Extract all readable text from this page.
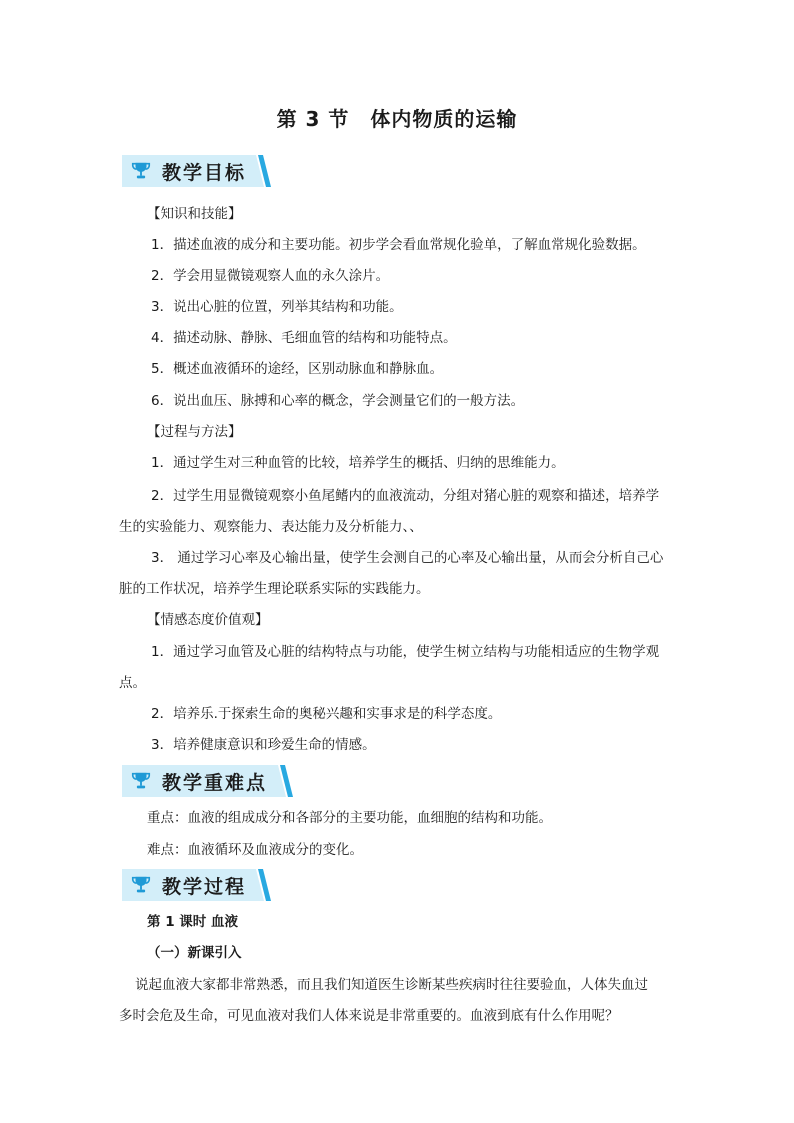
第 3 节　体内物质的运输
教学目标
【知识和技能】
1．描述血液的成分和主要功能。初步学会看血常规化验单，了解血常规化验数据。
2．学会用显微镜观察人血的永久涂片。
3．说出心脏的位置，列举其结构和功能。
4．描述动脉、静脉、毛细血管的结构和功能特点。
5．概述血液循环的途经，区别动脉血和静脉血。
6．说出血压、脉搏和心率的概念，学会测量它们的一般方法。
【过程与方法】
1．通过学生对三种血管的比较，培养学生的概括、归纳的思维能力。
2．过学生用显微镜观察小鱼尾鳍内的血液流动，分组对猪心脏的观察和描述，培养学
生的实验能力、观察能力、表达能力及分析能力、、
3． 通过学习心率及心输出量，使学生会测自己的心率及心输出量，从而会分析自己心
脏的工作状况，培养学生理论联系实际的实践能力。
【情感态度价值观】
1．通过学习血管及心脏的结构特点与功能，使学生树立结构与功能相适应的生物学观
点。
2．培养乐.于探索生命的奥秘兴趣和实事求是的科学态度。
3．培养健康意识和珍爱生命的情感。
教学重难点
重点：血液的组成成分和各部分的主要功能，血细胞的结构和功能。
难点：血液循环及血液成分的变化。
教学过程
第 1 课时 血液
（一）新课引入
说起血液大家都非常熟悉，而且我们知道医生诊断某些疾病时往往要验血，人体失血过
多时会危及生命，可见血液对我们人体来说是非常重要的。血液到底有什么作用呢？
